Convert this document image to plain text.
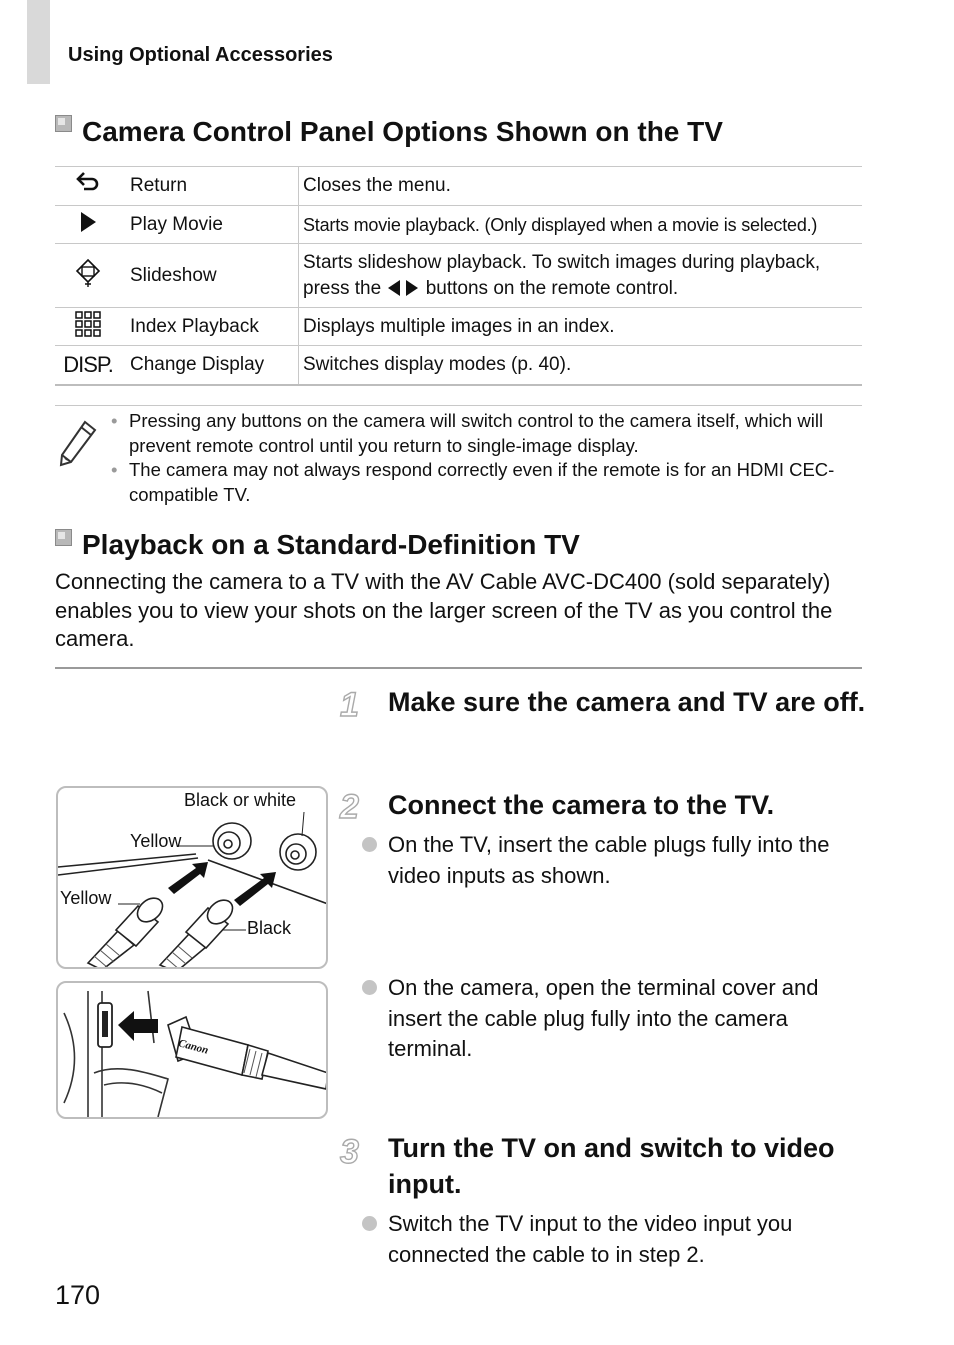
Using Optional Accessories
Camera Control Panel Options Shown on the TV
	Return	Closes the menu.
	Play Movie	Starts movie playback. (Only displayed when a movie is selected.)
	Slideshow	Starts slideshow playback. To switch images during playback,
press the buttons on the remote control.
	Index Playback	Displays multiple images in an index.
DISP.	Change Display	Switches display modes (p. 40).
• Pressing any buttons on the camera will switch control to the camera itself, which will prevent remote control until you return to single-image display.
• The camera may not always respond correctly even if the remote is for an HDMI CEC-compatible TV.
Playback on a Standard-Definition TV
Connecting the camera to a TV with the AV Cable AVC-DC400 (sold separately) enables you to view your shots on the larger screen of the TV as you control the camera.
1 Make sure the camera and TV are off.
2 Connect the camera to the TV.
On the TV, insert the cable plugs fully into the video inputs as shown.
On the camera, open the terminal cover and insert the cable plug fully into the camera terminal.
3 Turn the TV on and switch to video input.
Switch the TV input to the video input you connected the cable to in step 2.
Black or white
Yellow
Yellow
Black
Canon
170
